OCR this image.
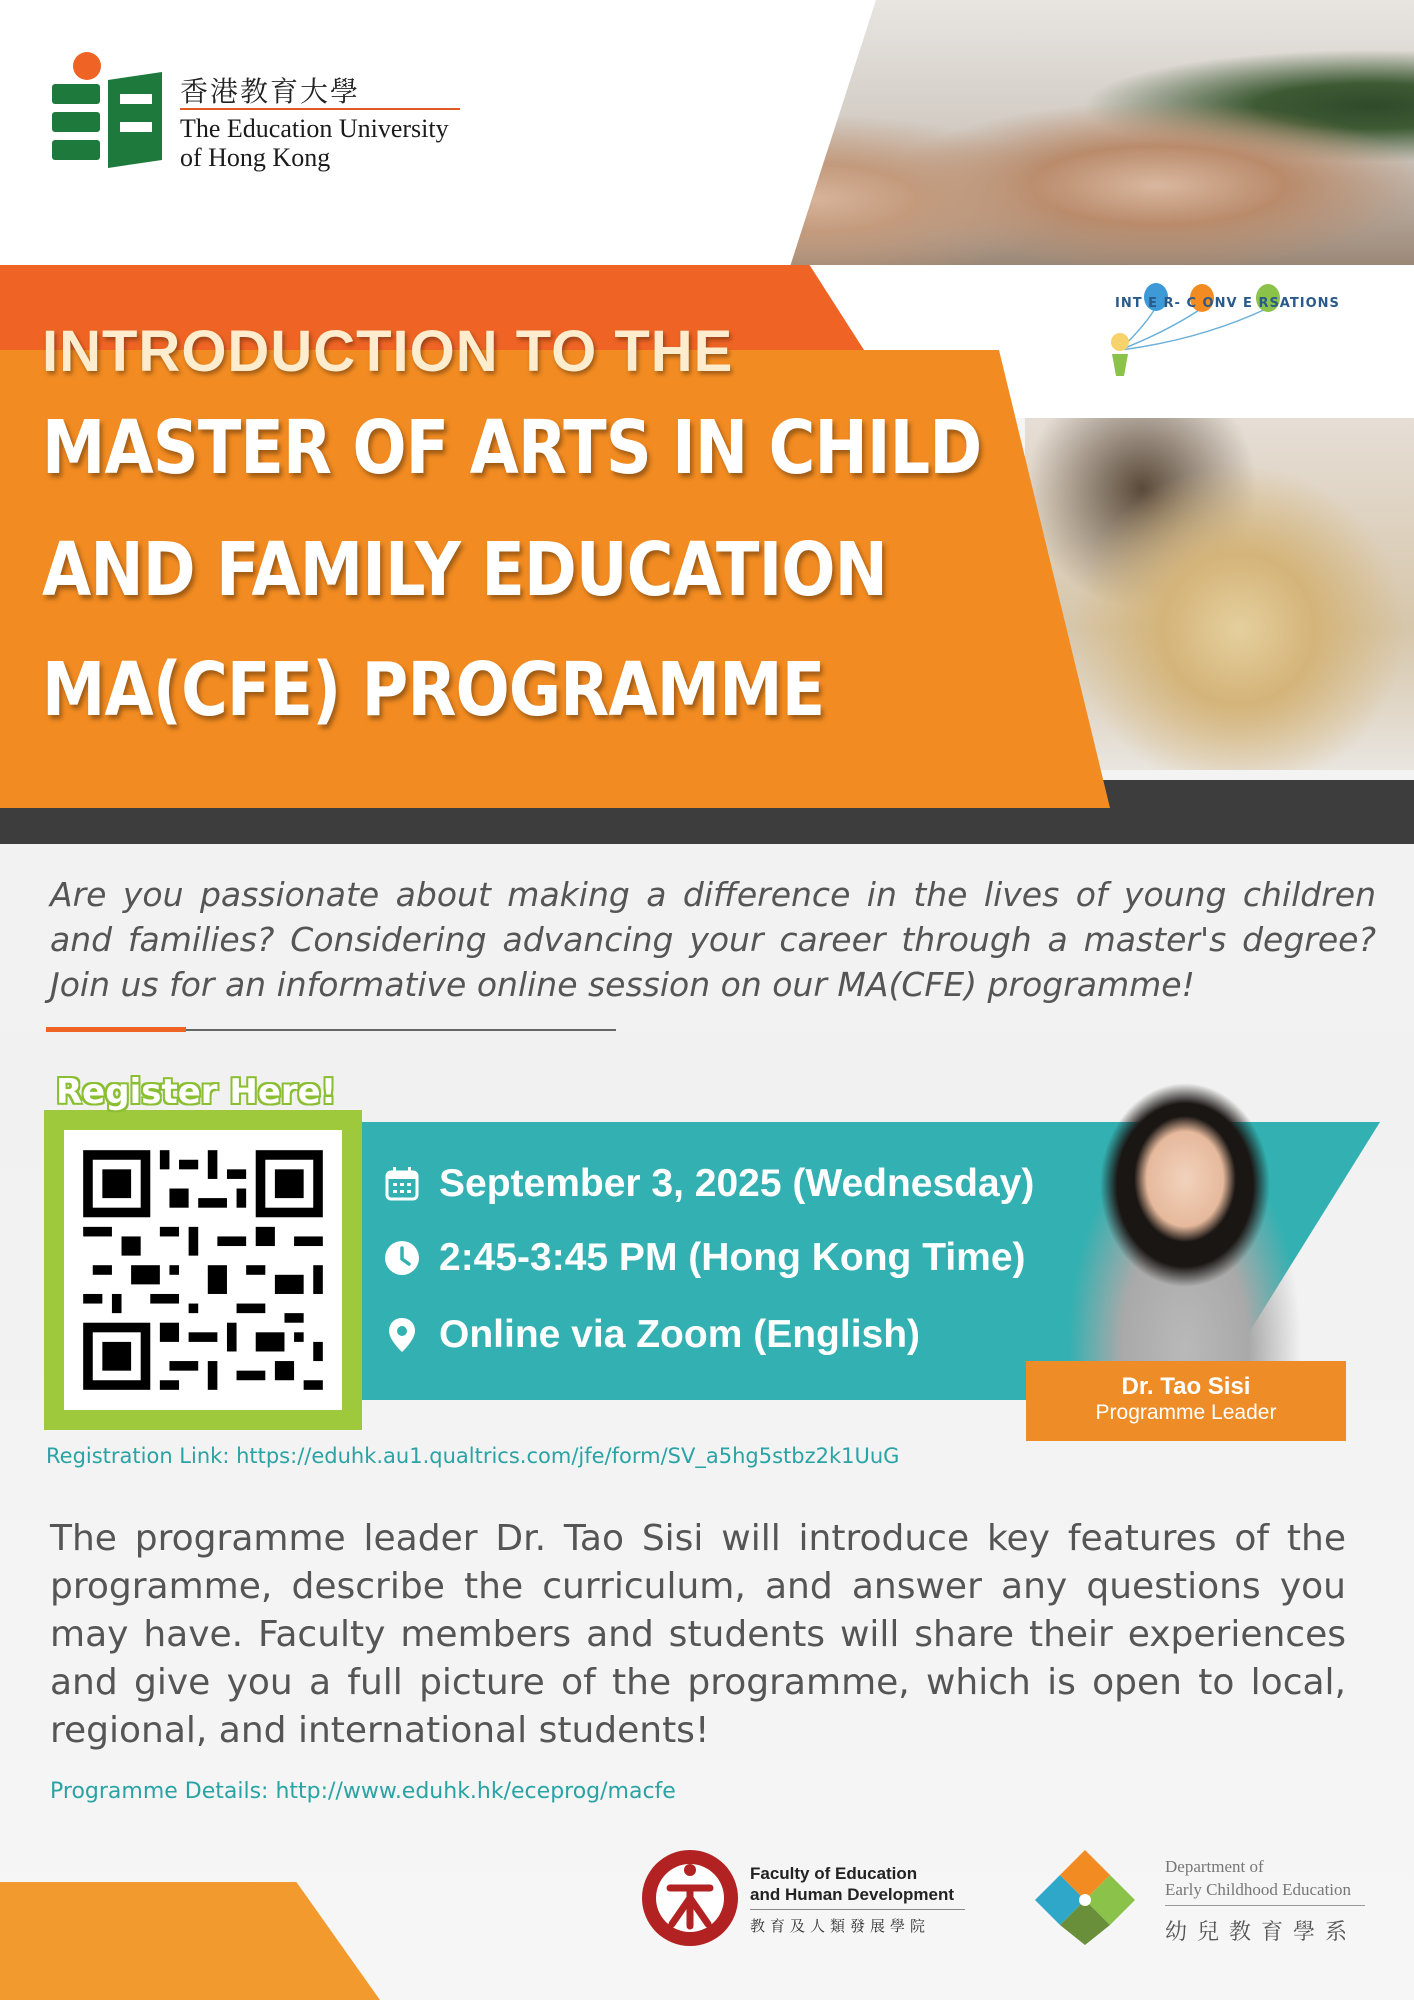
香港教育大學
The Education University
of Hong Kong
INT E R- C ONV E RSATIONS
INTRODUCTION TO THE
MASTER OF ARTS IN CHILD
AND FAMILY EDUCATION
MA(CFE) PROGRAMME
Are you passionate about making a difference in the lives of young children and families? Considering advancing your career through a master's degree? Join us for an informative online session on our MA(CFE) programme!
Register Here!
September 3, 2025 (Wednesday)
2:45-3:45 PM (Hong Kong Time)
Online via Zoom (English)
Dr. Tao Sisi
Programme Leader
Registration Link: https://eduhk.au1.qualtrics.com/jfe/form/SV_a5hg5stbz2k1UuG
The programme leader Dr. Tao Sisi will introduce key features of the programme, describe the curriculum, and answer any questions you may have. Faculty members and students will share their experiences and give you a full picture of the programme, which is open to local, regional, and international students!
Programme Details: http://www.eduhk.hk/eceprog/macfe
Faculty of Education
and Human Development
教育及人類發展學院
Department of
Early Childhood Education
幼兒教育學系
